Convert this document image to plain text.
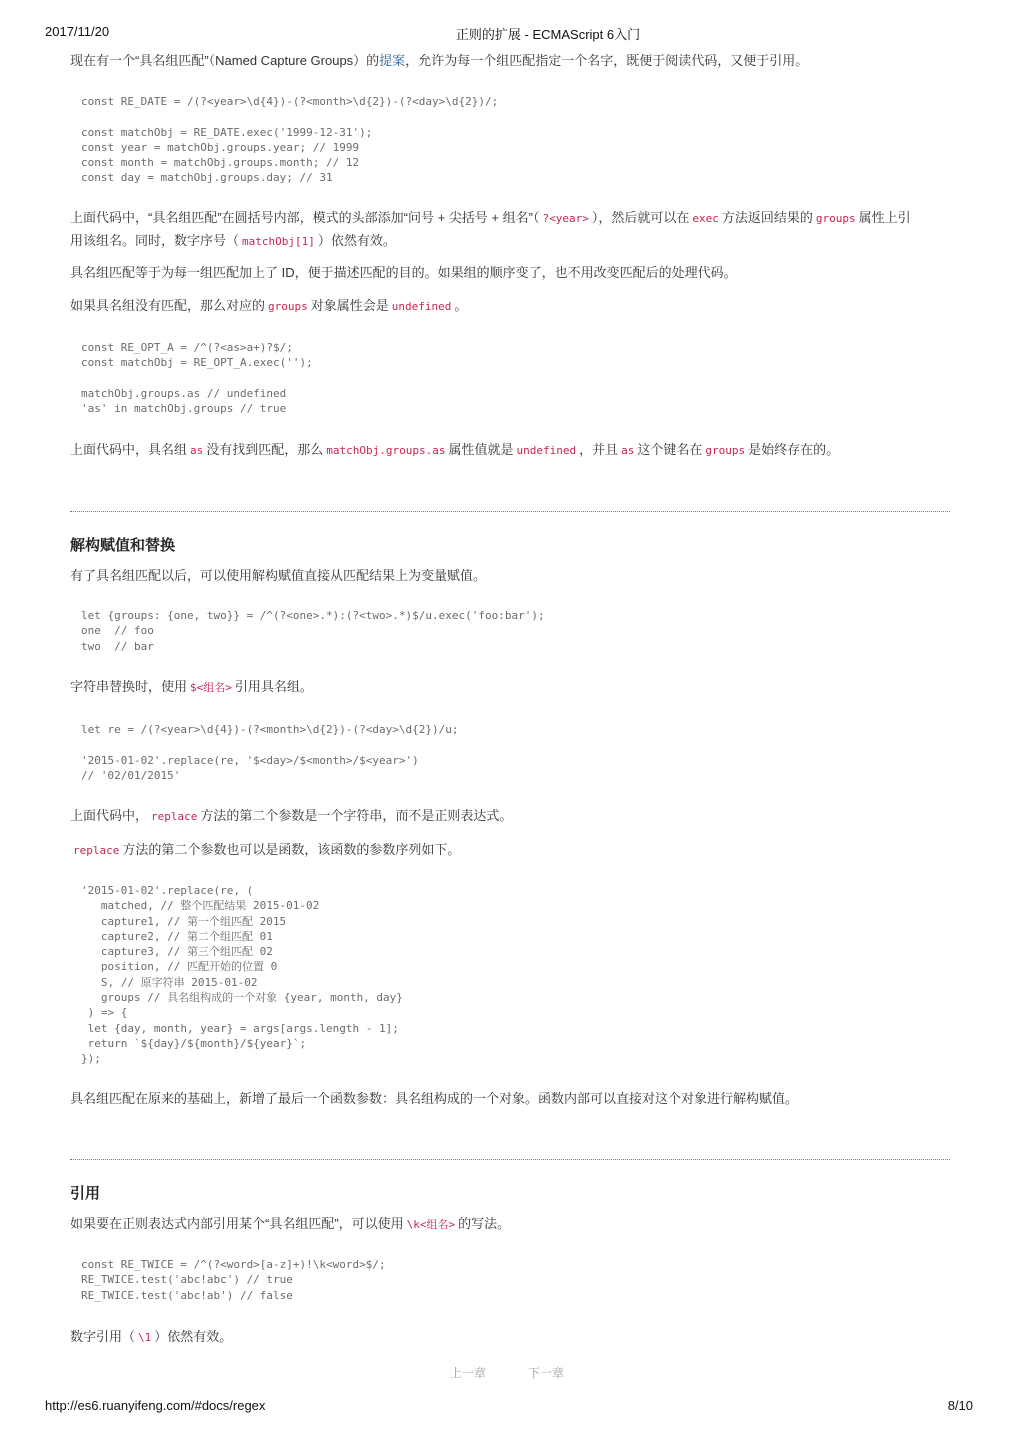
2017/11/20	正则的扩展 - ECMAScript 6入门

现在有一个“具名组匹配”（Named Capture Groups）的提案，允许为每一个组匹配指定一个名字，既便于阅读代码，又便于引用。

const RE_DATE = /(?<year>\d{4})-(?<month>\d{2})-(?<day>\d{2})/;
const matchObj = RE_DATE.exec('1999-12-31');
const year = matchObj.groups.year; // 1999
const month = matchObj.groups.month; // 12
const day = matchObj.groups.day; // 31

上面代码中，“具名组匹配”在圆括号内部，模式的头部添加“问号 + 尖括号 + 组名”（ ?<year> ），然后就可以在 exec 方法返回结果的 groups 属性上引
用该组名。同时，数字序号（ matchObj[1] ）依然有效。

具名组匹配等于为每一组匹配加上了 ID，便于描述匹配的目的。如果组的顺序变了，也不用改变匹配后的处理代码。

如果具名组没有匹配，那么对应的 groups 对象属性会是 undefined 。

const RE_OPT_A = /^(?<as>a+)?$/;
const matchObj = RE_OPT_A.exec('');
matchObj.groups.as // undefined
'as' in matchObj.groups // true

上面代码中，具名组 as 没有找到匹配，那么 matchObj.groups.as 属性值就是 undefined ，并且 as 这个键名在 groups 是始终存在的。

解构赋值和替换

有了具名组匹配以后，可以使用解构赋值直接从匹配结果上为变量赋值。

let {groups: {one, two}} = /^(?<one>.*):(?<two>.*)$/u.exec('foo:bar');
one  // foo
two  // bar

字符串替换时，使用 $<组名> 引用具名组。

let re = /(?<year>\d{4})-(?<month>\d{2})-(?<day>\d{2})/u;
'2015-01-02'.replace(re, '$<day>/$<month>/$<year>')
// '02/01/2015'

上面代码中， replace 方法的第二个参数是一个字符串，而不是正则表达式。

replace 方法的第二个参数也可以是函数，该函数的参数序列如下。

'2015-01-02'.replace(re, (
matched, // 整个匹配结果 2015-01-02
capture1, // 第一个组匹配 2015
capture2, // 第二个组匹配 01
capture3, // 第三个组匹配 02
position, // 匹配开始的位置 0
S, // 原字符串 2015-01-02
groups // 具名组构成的一个对象 {year, month, day}
) => {
let {day, month, year} = args[args.length - 1];
return `${day}/${month}/${year}`;
});

具名组匹配在原来的基础上，新增了最后一个函数参数：具名组构成的一个对象。函数内部可以直接对这个对象进行解构赋值。

引用

如果要在正则表达式内部引用某个“具名组匹配”，可以使用 \k<组名> 的写法。

const RE_TWICE = /^(?<word>[a-z]+)!\k<word>$/;
RE_TWICE.test('abc!abc') // true
RE_TWICE.test('abc!ab') // false

数字引用（ \1 ）依然有效。

上一章	下一章
http://es6.ruanyifeng.com/#docs/regex	8/10
